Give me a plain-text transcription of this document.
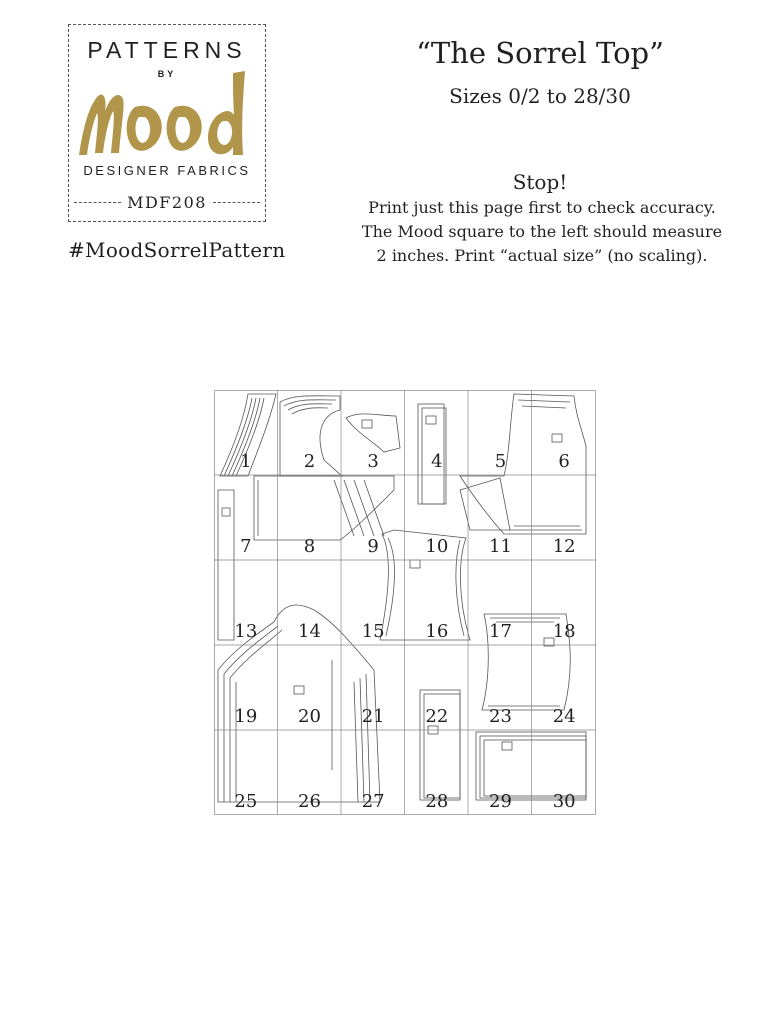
PATTERNS
BY
DESIGNER FABRICS
MDF208
#MoodSorrelPattern
“The Sorrel Top”
Sizes 0/2 to 28/30
Stop!
Print just this page first to check accuracy.
The Mood square to the left should measure
2 inches. Print “actual size” (no scaling).
1	2	3	4	5	6
7	8	9	10	11	12
13	14	15	16	17	18
19	20	21	22	23	24
25	26	27	28	29	30
